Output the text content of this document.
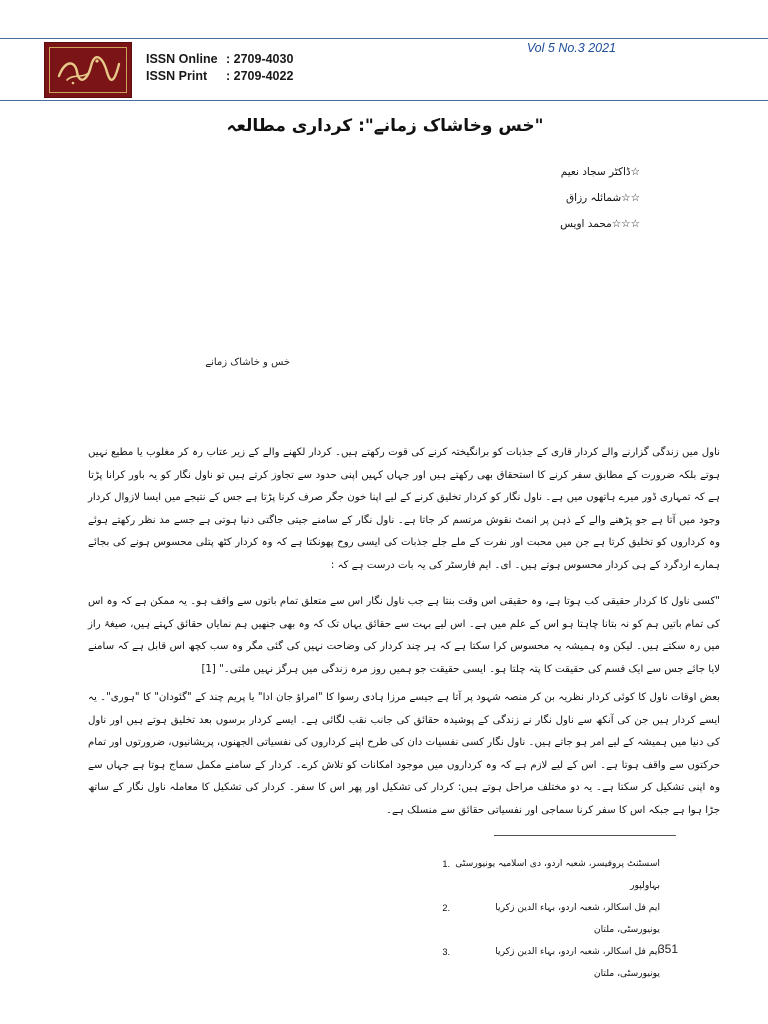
ISSN Online : 2709-4030
ISSN Print	: 2709-4022
Vol 5 No.3 2021
"خس وخاشاک زمانے": کرداری مطالعہ
☆ڈاکٹر سجاد نعیم
☆☆شمائلہ رزاق
☆☆☆محمد اویس
خس و خاشاک زمانے

ناول میں زندگی گزارنے والے کردار قاری کے جذبات کو برانگیختہ کرنے کی قوت رکھتے ہیں۔ کردار لکھنے والے کے زیر عتاب رہ کر مغلوب یا مطیع نہیں ہوتے بلکہ ضرورت کے مطابق سفر کرنے کا استحقاق بھی رکھتے ہیں اور جہاں کہیں اپنی حدود سے تجاوز کرتے ہیں تو ناول نگار کو یہ باور کرانا پڑتا ہے کہ تمہاری ڈور میرے ہاتھوں میں ہے۔ ناول نگار کو کردار تخلیق کرنے کے لیے اپنا خون جگر صرف کرنا پڑتا ہے جس کے نتیجے میں ایسا لازوال کردار وجود میں آتا ہے جو پڑھنے والے کے ذہن پر انمٹ نقوش مرتسم کر جاتا ہے۔ ناول نگار کے سامنے جیتی جاگتی دنیا ہوتی ہے جسے مد نظر رکھتے ہوئے وہ کرداروں کو تخلیق کرتا ہے جن میں محبت اور نفرت کے ملے جلے جذبات کی ایسی روح پھونکتا ہے کہ وہ کردار کٹھ پتلی محسوس ہونے کی بجائے ہمارے اردگرد کے ہی کردار محسوس ہوتے ہیں۔ ای۔ ایم فارسٹر کی یہ بات درست ہے کہ :

"کسی ناول کا کردار حقیقی کب ہوتا ہے، وہ حقیقی اس وقت بنتا ہے جب ناول نگار اس سے متعلق تمام باتوں سے واقف ہو۔ یہ ممکن ہے کہ وہ اس کی تمام باتیں ہم کو نہ بتانا چاہتا ہو اس کے علم میں ہے۔ اس لیے بہت سے حقائق یہاں تک کہ وہ بھی جنھیں ہم نمایاں حقائق کہتے ہیں، صیغۂ راز میں رہ سکتے ہیں۔ لیکن وہ ہمیشہ یہ محسوس کرا سکتا ہے کہ ہر چند کردار کی وضاحت نہیں کی گئی مگر وہ سب کچھ اس قابل ہے کہ سامنے لایا جائے جس سے ایک قسم کی حقیقت کا پتہ چلتا ہو۔ ایسی حقیقت جو ہمیں روز مرہ زندگی میں ہرگز نہیں ملتی۔" [1]

بعض اوقات ناول کا کوئی کردار نظریہ بن کر منصہ شہود پر آتا ہے جیسے مرزا ہادی رسوا کا "امراؤ جان ادا" یا پریم چند کے "گئودان" کا "ہوری"۔ یہ ایسے کردار ہیں جن کی آنکھ سے ناول نگار نے زندگی کے پوشیدہ حقائق کی جانب نقب لگائی ہے۔ ایسے کردار برسوں بعد تخلیق ہوتے ہیں اور ناول کی دنیا میں ہمیشہ کے لیے امر ہو جاتے ہیں۔ ناول نگار کسی نفسیات دان کی طرح اپنے کرداروں کی نفسیاتی الجھنوں، پریشانیوں، ضرورتوں اور تمام حرکتوں سے واقف ہوتا ہے۔ اس کے لیے لازم ہے کہ وہ کرداروں میں موجود امکانات کو تلاش کرے۔ کردار کے سامنے مکمل سماج ہوتا ہے جہاں سے وہ اپنی تشکیل کر سکتا ہے۔ یہ دو مختلف مراحل ہوتے ہیں: کردار کی تشکیل اور پھر اس کا سفر۔ کردار کی تشکیل کا معاملہ ناول نگار کے ساتھ جڑا ہوا ہے جبکہ اس کا سفر کرنا سماجی اور نفسیاتی حقائق سے منسلک ہے۔

1. اسسٹنٹ پروفیسر، شعبہ اردو، دی اسلامیہ یونیورسٹی بہاولپور
2.	ایم فل اسکالر، شعبہ اردو، بہاء الدین زکریا یونیورسٹی، ملتان
3.	ایم فل اسکالر، شعبہ اردو، بہاء الدین زکریا یونیورسٹی، ملتان
351
